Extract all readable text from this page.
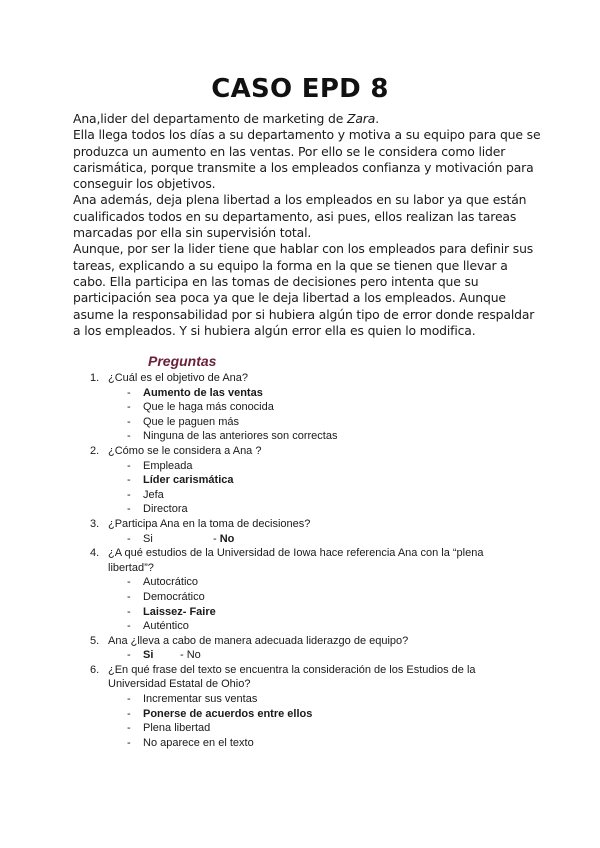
CASO EPD 8

Ana,lider del departamento de marketing de Zara.

Ella llega todos los días a su departamento y motiva a su equipo para que se produzca un aumento en las ventas. Por ello se le considera como lider carismática, porque transmite a los empleados confianza y motivación para conseguir los objetivos.

Ana además, deja plena libertad a los empleados en su labor ya que están cualificados todos en su departamento, asi pues, ellos realizan las tareas marcadas por ella sin supervisión total.

Aunque, por ser la lider tiene que hablar con los empleados para definir sus tareas, explicando a su equipo la forma en la que se tienen que llevar a cabo. Ella participa en las tomas de decisiones pero intenta que su participación sea poca ya que le deja libertad a los empleados. Aunque asume la responsabilidad por si hubiera algún tipo de error donde respaldar a los empleados. Y si hubiera algún error ella es quien lo modifica.

Preguntas
1. ¿Cuál es el objetivo de Ana?
- Aumento de las ventas
- Que le haga más conocida
- Que le paguen más
- Ninguna de las anteriores son correctas
2. ¿Cómo se le considera a Ana ?
- Empleada
- Líder carismática
- Jefa
- Directora
3. ¿Participa Ana en la toma de decisiones?
- Si	- No
4. ¿A qué estudios de la Universidad de Iowa hace referencia Ana con la “plena libertad”?
- Autocrático
- Democrático
- Laissez- Faire
- Auténtico
5. Ana ¿lleva a cabo de manera adecuada liderazgo de equipo?
- Si - No
6. ¿En qué frase del texto se encuentra la consideración de los Estudios de la Universidad Estatal de Ohio?
- Incrementar sus ventas
- Ponerse de acuerdos entre ellos
- Plena libertad
- No aparece en el texto
